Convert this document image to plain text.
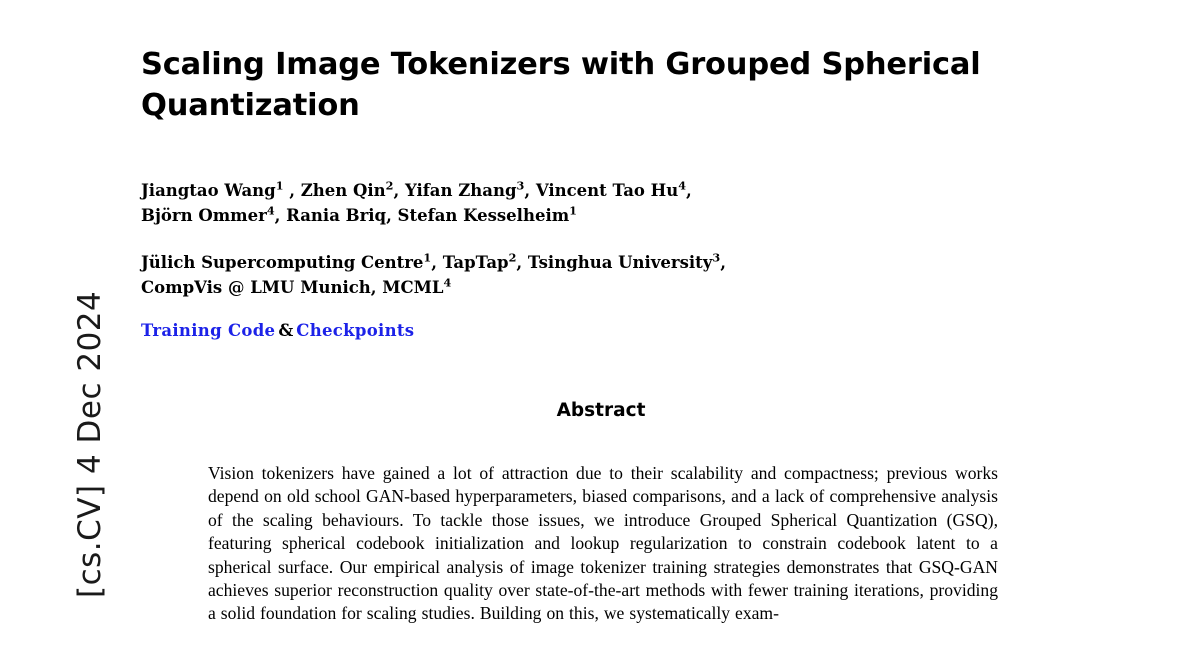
[cs.CV] 4 Dec 2024
Scaling Image Tokenizers with Grouped Spherical Quantization
Jiangtao Wang$^1$ , Zhen Qin$^2$, Yifan Zhang$^3$, Vincent Tao Hu$^4$,
Björn Ommer$^4$, Rania Briq, Stefan Kesselheim$^1$
Jülich Supercomputing Centre$^1$, TapTap$^2$, Tsinghua University$^3$,
CompVis @ LMU Munich, MCML$^4$
Training Code & Checkpoints
Abstract

Vision tokenizers have gained a lot of attraction due to their scalability and compactness; previous works depend on old school GAN-based hyperparameters, biased comparisons, and a lack of comprehensive analysis of the scaling behaviours. To tackle those issues, we introduce Grouped Spherical Quantization (GSQ), featuring spherical codebook initialization and lookup regularization to constrain codebook latent to a spherical surface. Our empirical analysis of image tokenizer training strategies demonstrates that GSQ-GAN achieves superior reconstruction quality over state-of-the-art methods with fewer training iterations, providing a solid foundation for scaling studies. Building on this, we systematically exam-
